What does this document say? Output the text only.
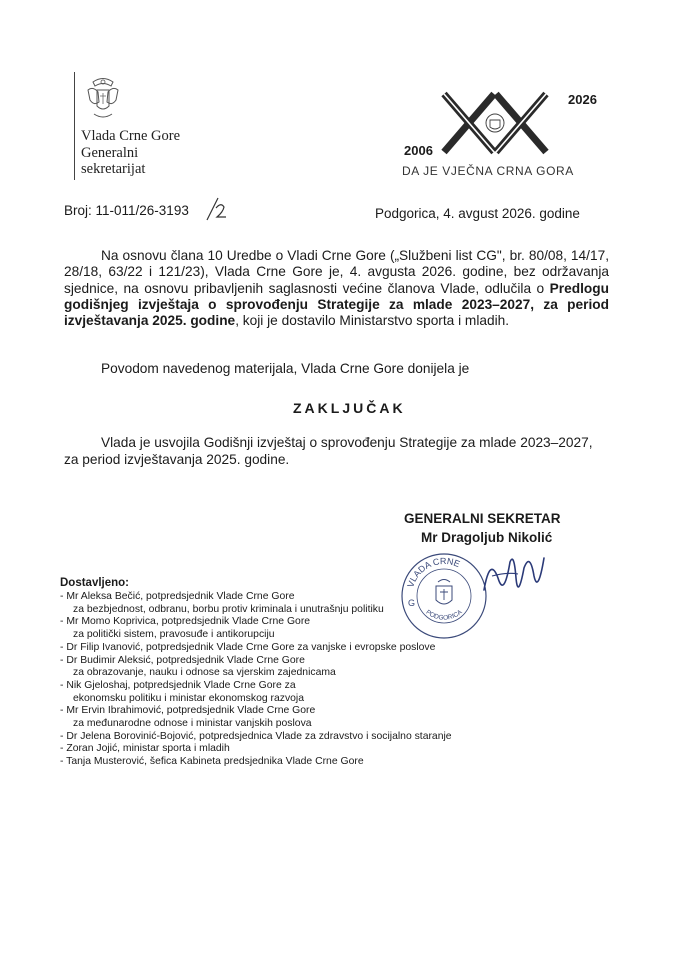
Vlada Crne Gore
Generalni
sekretarijat
2026
2006
DA JE VJEČNA CRNA GORA
Broj: 11-011/26-3193	Podgorica, 4. avgust 2026. godine
Na osnovu člana 10 Uredbe o Vladi Crne Gore („Službeni list CG", br. 80/08, 14/17, 28/18, 63/22 i 121/23), Vlada Crne Gore je, 4. avgusta 2026. godine, bez održavanja sjednice, na osnovu pribavljenih saglasnosti većine članova Vlade, odlučila o Predlogu godišnjeg izvještaja o sprovođenju Strategije za mlade 2023–2027, za period izvještavanja 2025. godine, koji je dostavilo Ministarstvo sporta i mladih.
Povodom navedenog materijala, Vlada Crne Gore donijela je
ZAKLJUČAK
Vlada je usvojila Godišnji izvještaj o sprovođenju Strategije za mlade 2023–2027, za period izvještavanja 2025. godine.
GENERALNI SEKRETAR
Mr Dragoljub Nikolić
VLADA CRNE
PODGORICA
G
Dostavljeno:
- Mr Aleksa Bečić, potpredsjednik Vlade Crne Gore
za bezbjednost, odbranu, borbu protiv kriminala i unutrašnju politiku
- Mr Momo Koprivica, potpredsjednik Vlade Crne Gore
za politički sistem, pravosuđe i antikorupciju
- Dr Filip Ivanović, potpredsjednik Vlade Crne Gore za vanjske i evropske poslove
- Dr Budimir Aleksić, potpredsjednik Vlade Crne Gore
za obrazovanje, nauku i odnose sa vjerskim zajednicama
- Nik Gjeloshaj, potpredsjednik Vlade Crne Gore za
ekonomsku politiku i ministar ekonomskog razvoja
- Mr Ervin Ibrahimović, potpredsjednik Vlade Crne Gore
za međunarodne odnose i ministar vanjskih poslova
- Dr Jelena Borovinić-Bojović, potpredsjednica Vlade za zdravstvo i socijalno staranje
- Zoran Jojić, ministar sporta i mladih
- Tanja Musterović, šefica Kabineta predsjednika Vlade Crne Gore
